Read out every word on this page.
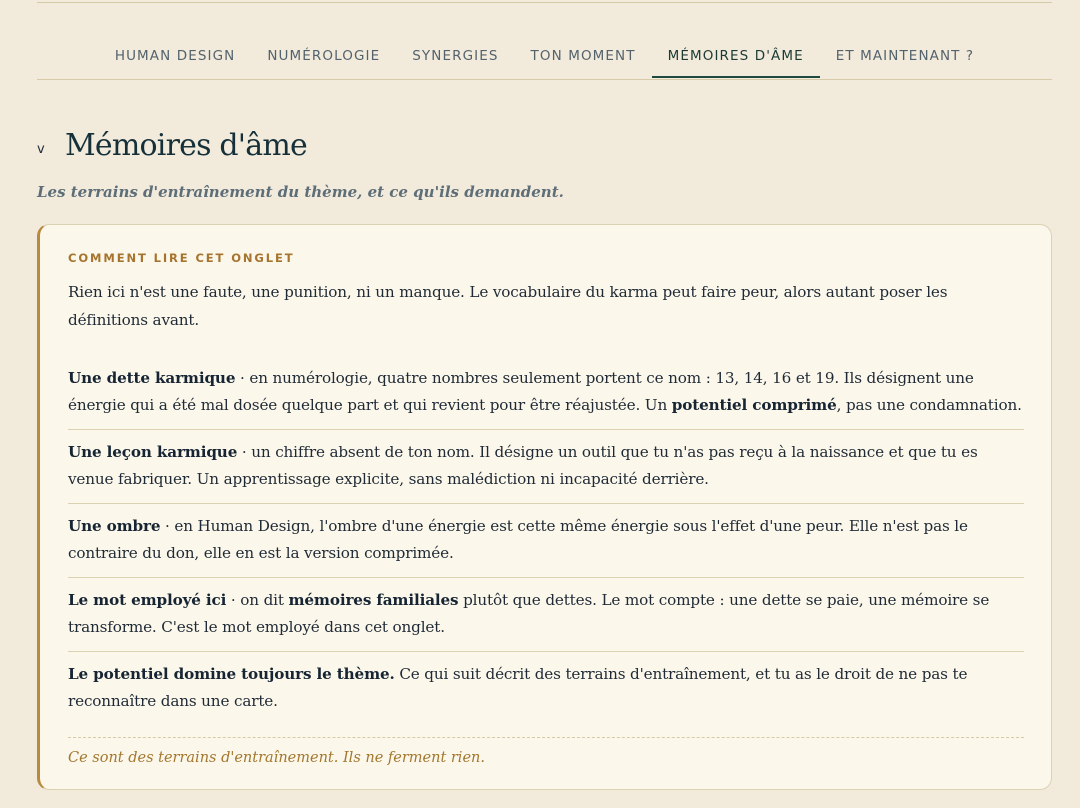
HUMAN DESIGN	NUMÉROLOGIE	SYNERGIES	TON MOMENT	MÉMOIRES D'ÂME	ET MAINTENANT ?
v Mémoires d'âme

Les terrains d'entraînement du thème, et ce qu'ils demandent.

COMMENT LIRE CET ONGLET

Rien ici n'est une faute, une punition, ni un manque. Le vocabulaire du karma peut faire peur, alors autant poser les définitions avant.

Une dette karmique · en numérologie, quatre nombres seulement portent ce nom : 13, 14, 16 et 19. Ils désignent une énergie qui a été mal dosée quelque part et qui revient pour être réajustée. Un potentiel comprimé, pas une condamnation.
Une leçon karmique · un chiffre absent de ton nom. Il désigne un outil que tu n'as pas reçu à la naissance et que tu es venue fabriquer. Un apprentissage explicite, sans malédiction ni incapacité derrière.
Une ombre · en Human Design, l'ombre d'une énergie est cette même énergie sous l'effet d'une peur. Elle n'est pas le contraire du don, elle en est la version comprimée.
Le mot employé ici · on dit mémoires familiales plutôt que dettes. Le mot compte : une dette se paie, une mémoire se transforme. C'est le mot employé dans cet onglet.
Le potentiel domine toujours le thème. Ce qui suit décrit des terrains d'entraînement, et tu as le droit de ne pas te reconnaître dans une carte.
Ce sont des terrains d'entraînement. Ils ne ferment rien.
